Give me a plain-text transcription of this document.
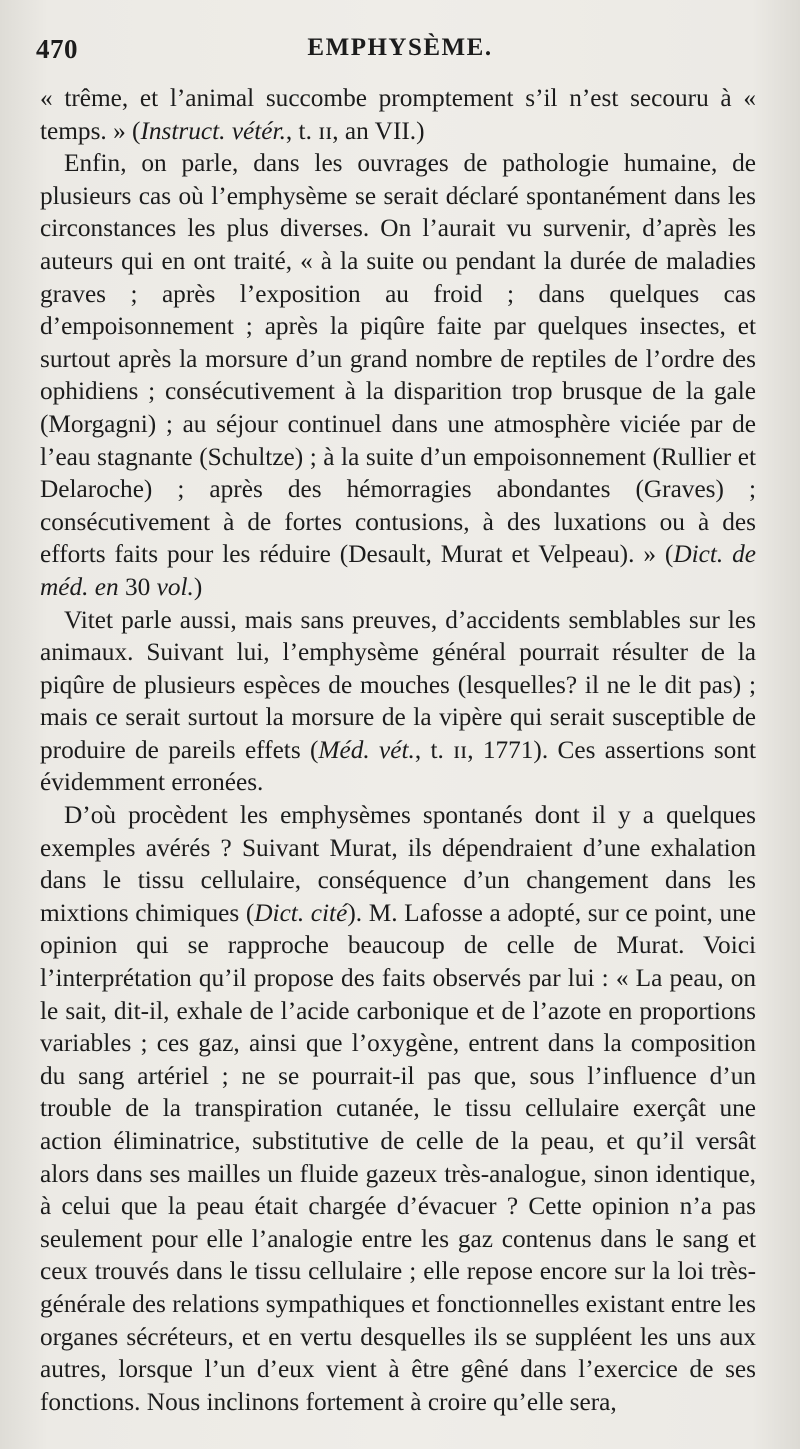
470	EMPHYSÈME.

« trême, et l’animal succombe promptement s’il n’est secouru à « temps. » (Instruct. vétér., t. ɪɪ, an VII.)

Enfin, on parle, dans les ouvrages de pathologie humaine, de plusieurs cas où l’emphysème se serait déclaré spontanément dans les circonstances les plus diverses. On l’aurait vu survenir, d’après les auteurs qui en ont traité, « à la suite ou pendant la durée de maladies graves ; après l’exposition au froid ; dans quelques cas d’empoisonnement ; après la piqûre faite par quelques insectes, et surtout après la morsure d’un grand nombre de reptiles de l’ordre des ophidiens ; consécutivement à la disparition trop brusque de la gale (Morgagni) ; au séjour continuel dans une atmosphère viciée par de l’eau stagnante (Schultze) ; à la suite d’un empoisonnement (Rullier et Delaroche) ; après des hémorragies abondantes (Graves) ; consécutivement à de fortes contusions, à des luxations ou à des efforts faits pour les réduire (Desault, Murat et Velpeau). » (Dict. de méd. en 30 vol.)

Vitet parle aussi, mais sans preuves, d’accidents semblables sur les animaux. Suivant lui, l’emphysème général pourrait résulter de la piqûre de plusieurs espèces de mouches (lesquelles? il ne le dit pas) ; mais ce serait surtout la morsure de la vipère qui serait susceptible de produire de pareils effets (Méd. vét., t. ɪɪ, 1771). Ces assertions sont évidemment erronées.

D’où procèdent les emphysèmes spontanés dont il y a quelques exemples avérés ? Suivant Murat, ils dépendraient d’une exhalation dans le tissu cellulaire, conséquence d’un changement dans les mixtions chimiques (Dict. cité). M. Lafosse a adopté, sur ce point, une opinion qui se rapproche beaucoup de celle de Murat. Voici l’interprétation qu’il propose des faits observés par lui : « La peau, on le sait, dit-il, exhale de l’acide carbonique et de l’azote en proportions variables ; ces gaz, ainsi que l’oxygène, entrent dans la composition du sang artériel ; ne se pourrait-il pas que, sous l’influence d’un trouble de la transpiration cutanée, le tissu cellulaire exerçât une action éliminatrice, substitutive de celle de la peau, et qu’il versât alors dans ses mailles un fluide gazeux très-analogue, sinon identique, à celui que la peau était chargée d’évacuer ? Cette opinion n’a pas seulement pour elle l’analogie entre les gaz contenus dans le sang et ceux trouvés dans le tissu cellulaire ; elle repose encore sur la loi très-générale des relations sympathiques et fonctionnelles existant entre les organes sécréteurs, et en vertu desquelles ils se suppléent les uns aux autres, lorsque l’un d’eux vient à être gêné dans l’exercice de ses fonctions. Nous inclinons fortement à croire qu’elle sera,
